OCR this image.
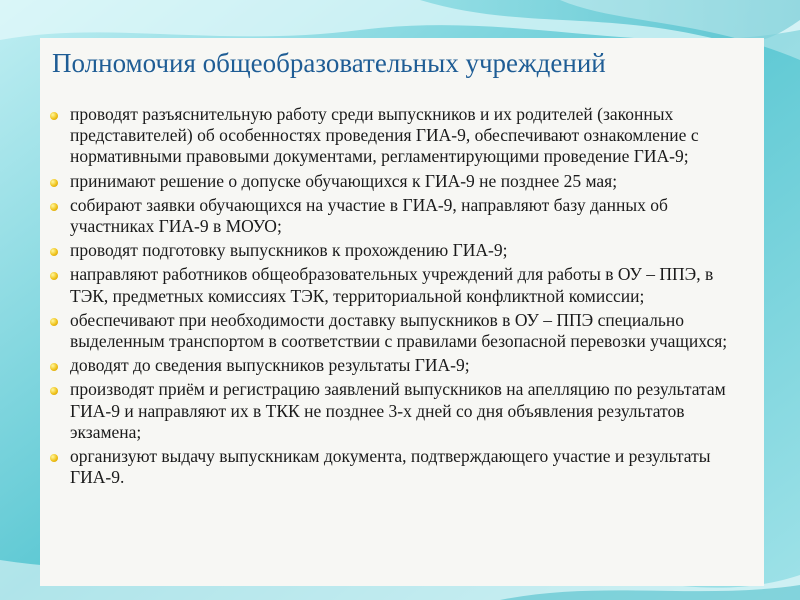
Полномочия общеобразовательных учреждений
проводят разъяснительную работу среди выпускников и их родителей (законных представителей) об особенностях проведения ГИА-9, обеспечивают ознакомление с нормативными правовыми документами, регламентирующими проведение ГИА-9;
принимают решение о допуске обучающихся к ГИА-9 не позднее 25 мая;
собирают заявки обучающихся на участие в ГИА-9, направляют базу данных об участниках ГИА-9 в МОУО;
проводят подготовку выпускников к прохождению ГИА-9;
направляют работников общеобразовательных учреждений для работы в ОУ – ППЭ, в ТЭК, предметных комиссиях ТЭК, территориальной конфликтной комиссии;
обеспечивают при необходимости доставку выпускников в ОУ – ППЭ специально выделенным транспортом в соответствии с правилами безопасной перевозки учащихся;
доводят до сведения выпускников результаты ГИА-9;
производят приём и регистрацию заявлений выпускников на апелляцию по результатам ГИА-9 и направляют их в ТКК не позднее 3-х дней со дня объявления результатов экзамена;
организуют выдачу выпускникам документа, подтверждающего участие и результаты ГИА-9.
